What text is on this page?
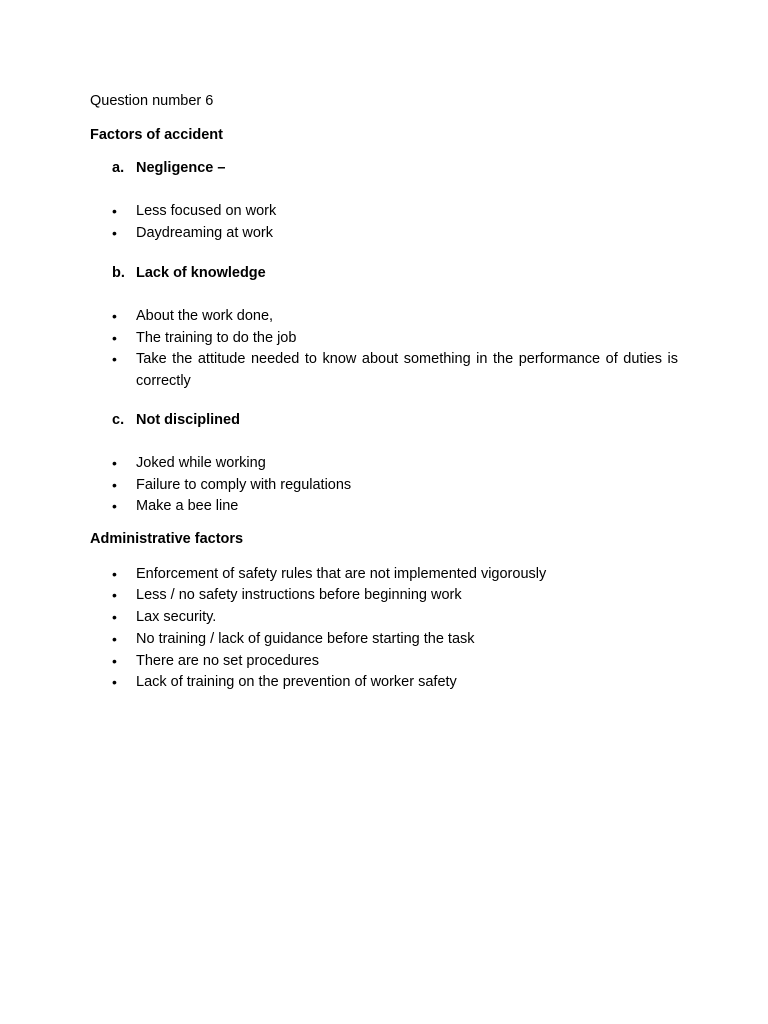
Question number 6
Factors of accident
a. Negligence –
•	Less focused on work
•	Daydreaming at work
b. Lack of knowledge
•	About the work done,
•	The training to do the job
•	Take the attitude needed to know about something in the performance of duties is correctly
c. Not disciplined
•	Joked while working
•	Failure to comply with regulations
•	Make a bee line
Administrative factors
•	Enforcement of safety rules that are not implemented vigorously
•	Less / no safety instructions before beginning work
•	Lax security.
•	No training / lack of guidance before starting the task
•	There are no set procedures
•	Lack of training on the prevention of worker safety
